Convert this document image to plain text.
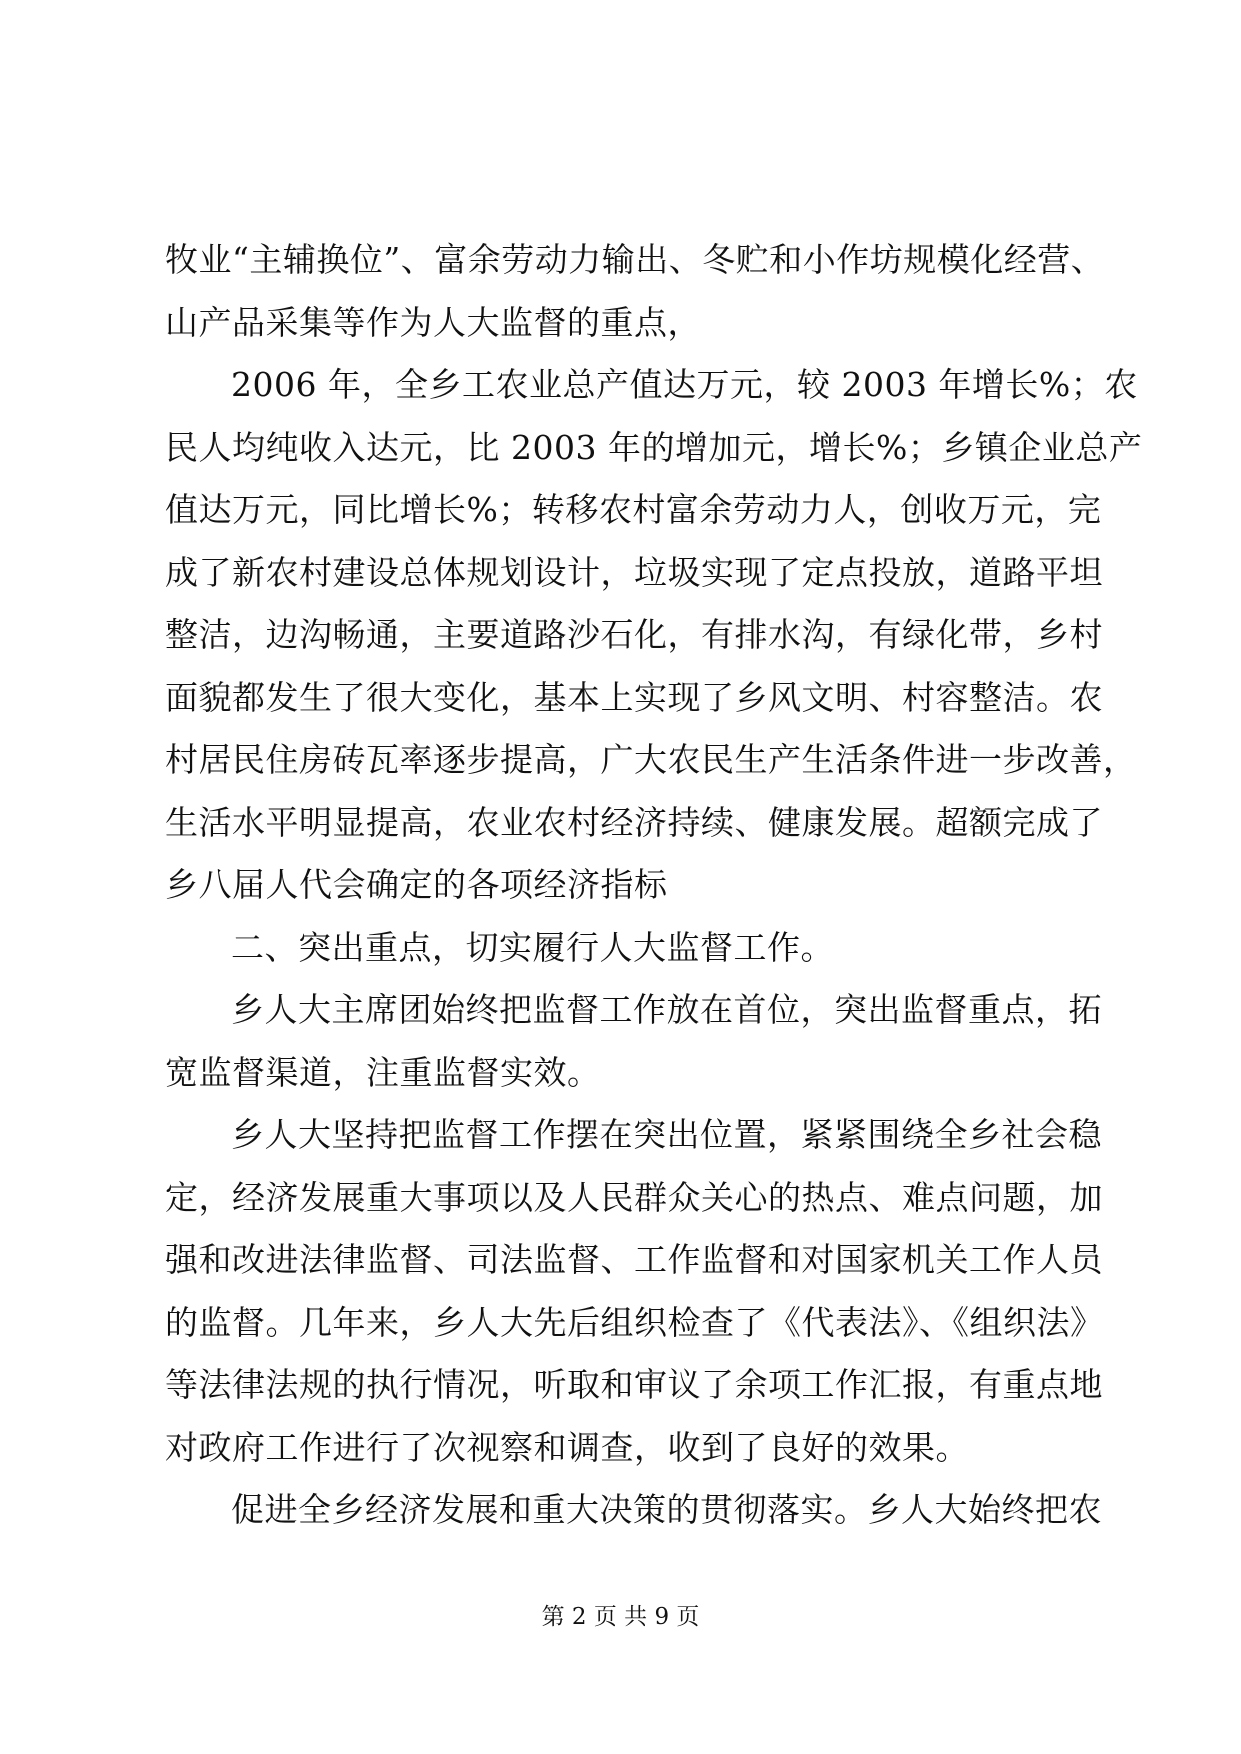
牧业“主辅换位”、富余劳动力输出、冬贮和小作坊规模化经营、
山产品采集等作为人大监督的重点，
2006 年，全乡工农业总产值达万元，较 2003 年增长%；农
民人均纯收入达元，比 2003 年的增加元，增长%；乡镇企业总产
值达万元，同比增长%；转移农村富余劳动力人，创收万元，完
成了新农村建设总体规划设计，垃圾实现了定点投放，道路平坦
整洁，边沟畅通，主要道路沙石化，有排水沟，有绿化带，乡村
面貌都发生了很大变化，基本上实现了乡风文明、村容整洁。农
村居民住房砖瓦率逐步提高，广大农民生产生活条件进一步改善，
生活水平明显提高，农业农村经济持续、健康发展。超额完成了
乡八届人代会确定的各项经济指标
二、突出重点，切实履行人大监督工作。
乡人大主席团始终把监督工作放在首位，突出监督重点，拓
宽监督渠道，注重监督实效。
乡人大坚持把监督工作摆在突出位置，紧紧围绕全乡社会稳
定，经济发展重大事项以及人民群众关心的热点、难点问题，加
强和改进法律监督、司法监督、工作监督和对国家机关工作人员
的监督。几年来，乡人大先后组织检查了《代表法》、《组织法》
等法律法规的执行情况，听取和审议了余项工作汇报，有重点地
对政府工作进行了次视察和调查，收到了良好的效果。
促进全乡经济发展和重大决策的贯彻落实。乡人大始终把农
第 2 页 共 9 页
